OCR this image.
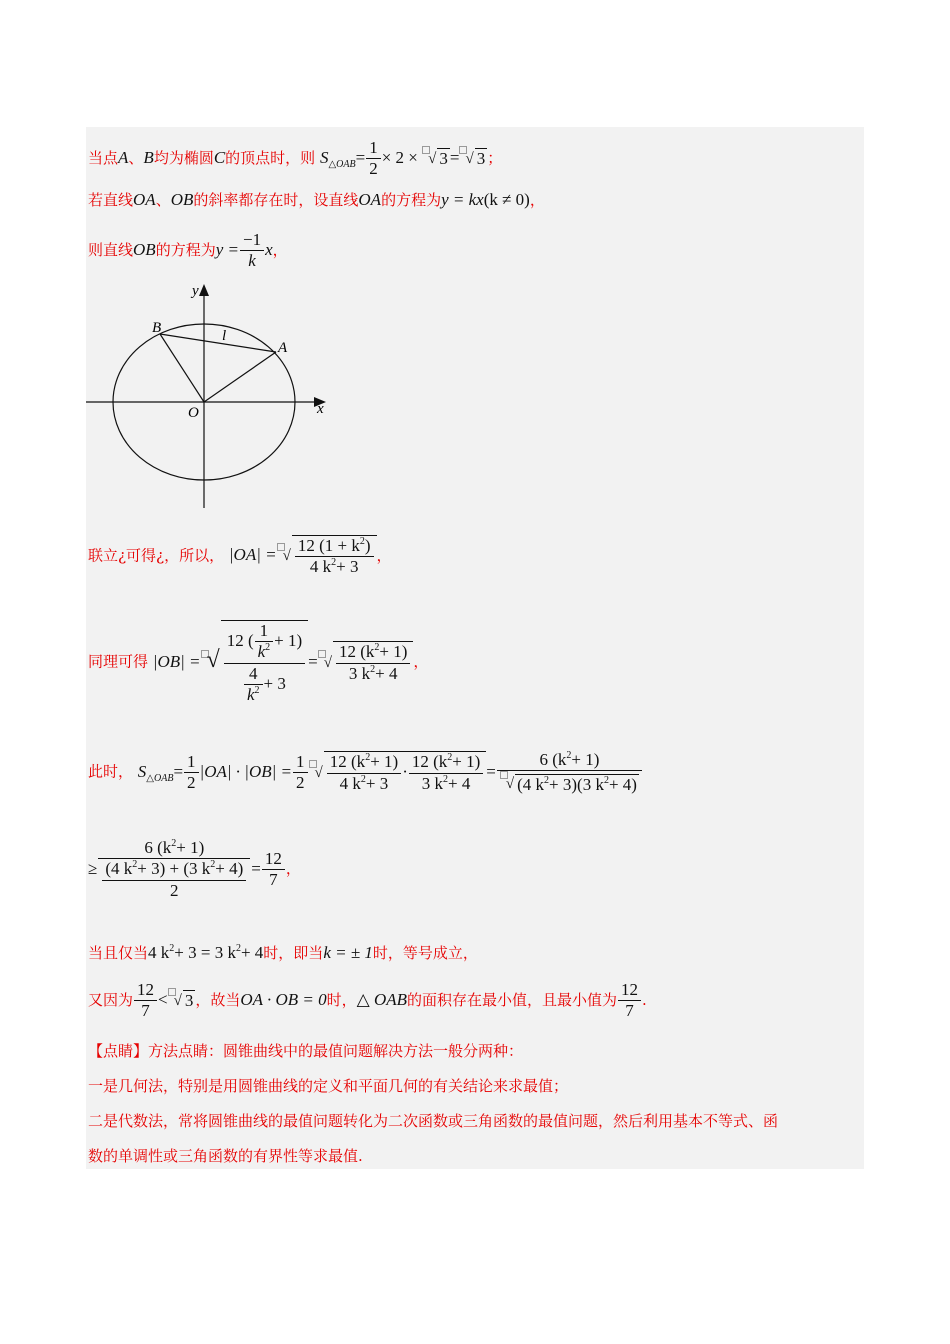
当点A、B均为椭圆C的顶点时，则 $S_{\triangle OAB}= \frac{1}{2} \times 2$ × √ 3 = √ 3 ；
若直线OA、OB的斜率都存在时，设直线OA的方程为y = kx(k ≠ 0)，
则直线OB的方程为$y = \frac{-1}{k}$ x，
y
x
O
A
B	l
联立¿可得¿，所以， |OA| = √ $\frac{12 (1 + k^2)}{4 k^2+ 3}$ ，
同理可得 |OB| = √ $\frac{12 ( \frac{1}{k^2} + 1)}{\frac{4}{k^2} + 3}$ = √ $\frac{12 (k^2+ 1)}{3 k^2+ 4}$ ，
此时， $S_{\triangle OAB}= \frac{1}{2} |OA| \cdot |OB| = \frac{1}{2}$ √ $\frac{12 (k^2+ 1)}{4 k^2+ 3} \cdot \frac{12 (k^2+ 1)}{3 k^2+ 4} = \frac{6 (k^2+ 1)}{√ (4 k^2+ 3)(3 k^2+ 4)}$
≥ $\frac{6 (k^2+ 1)}{\frac{(4 k^2+ 3) + (3 k^2+ 4)}{2}} = \frac{12}{7}$ ，
当且仅当4 $k^2+ 3 = 3$ $k^2+ 4$时，即当k = ± 1时，等号成立，
又因为 $\frac{12}{7}$ < √ 3 ，故当OA · OB = 0时，△ OAB的面积存在最小值，且最小值为 $\frac{12}{7}$ .
【点睛】方法点睛：圆锥曲线中的最值问题解决方法一般分两种：
一是几何法，特别是用圆锥曲线的定义和平面几何的有关结论来求最值；
二是代数法，常将圆锥曲线的最值问题转化为二次函数或三角函数的最值问题，然后利用基本不等式、函
数的单调性或三角函数的有界性等求最值.
